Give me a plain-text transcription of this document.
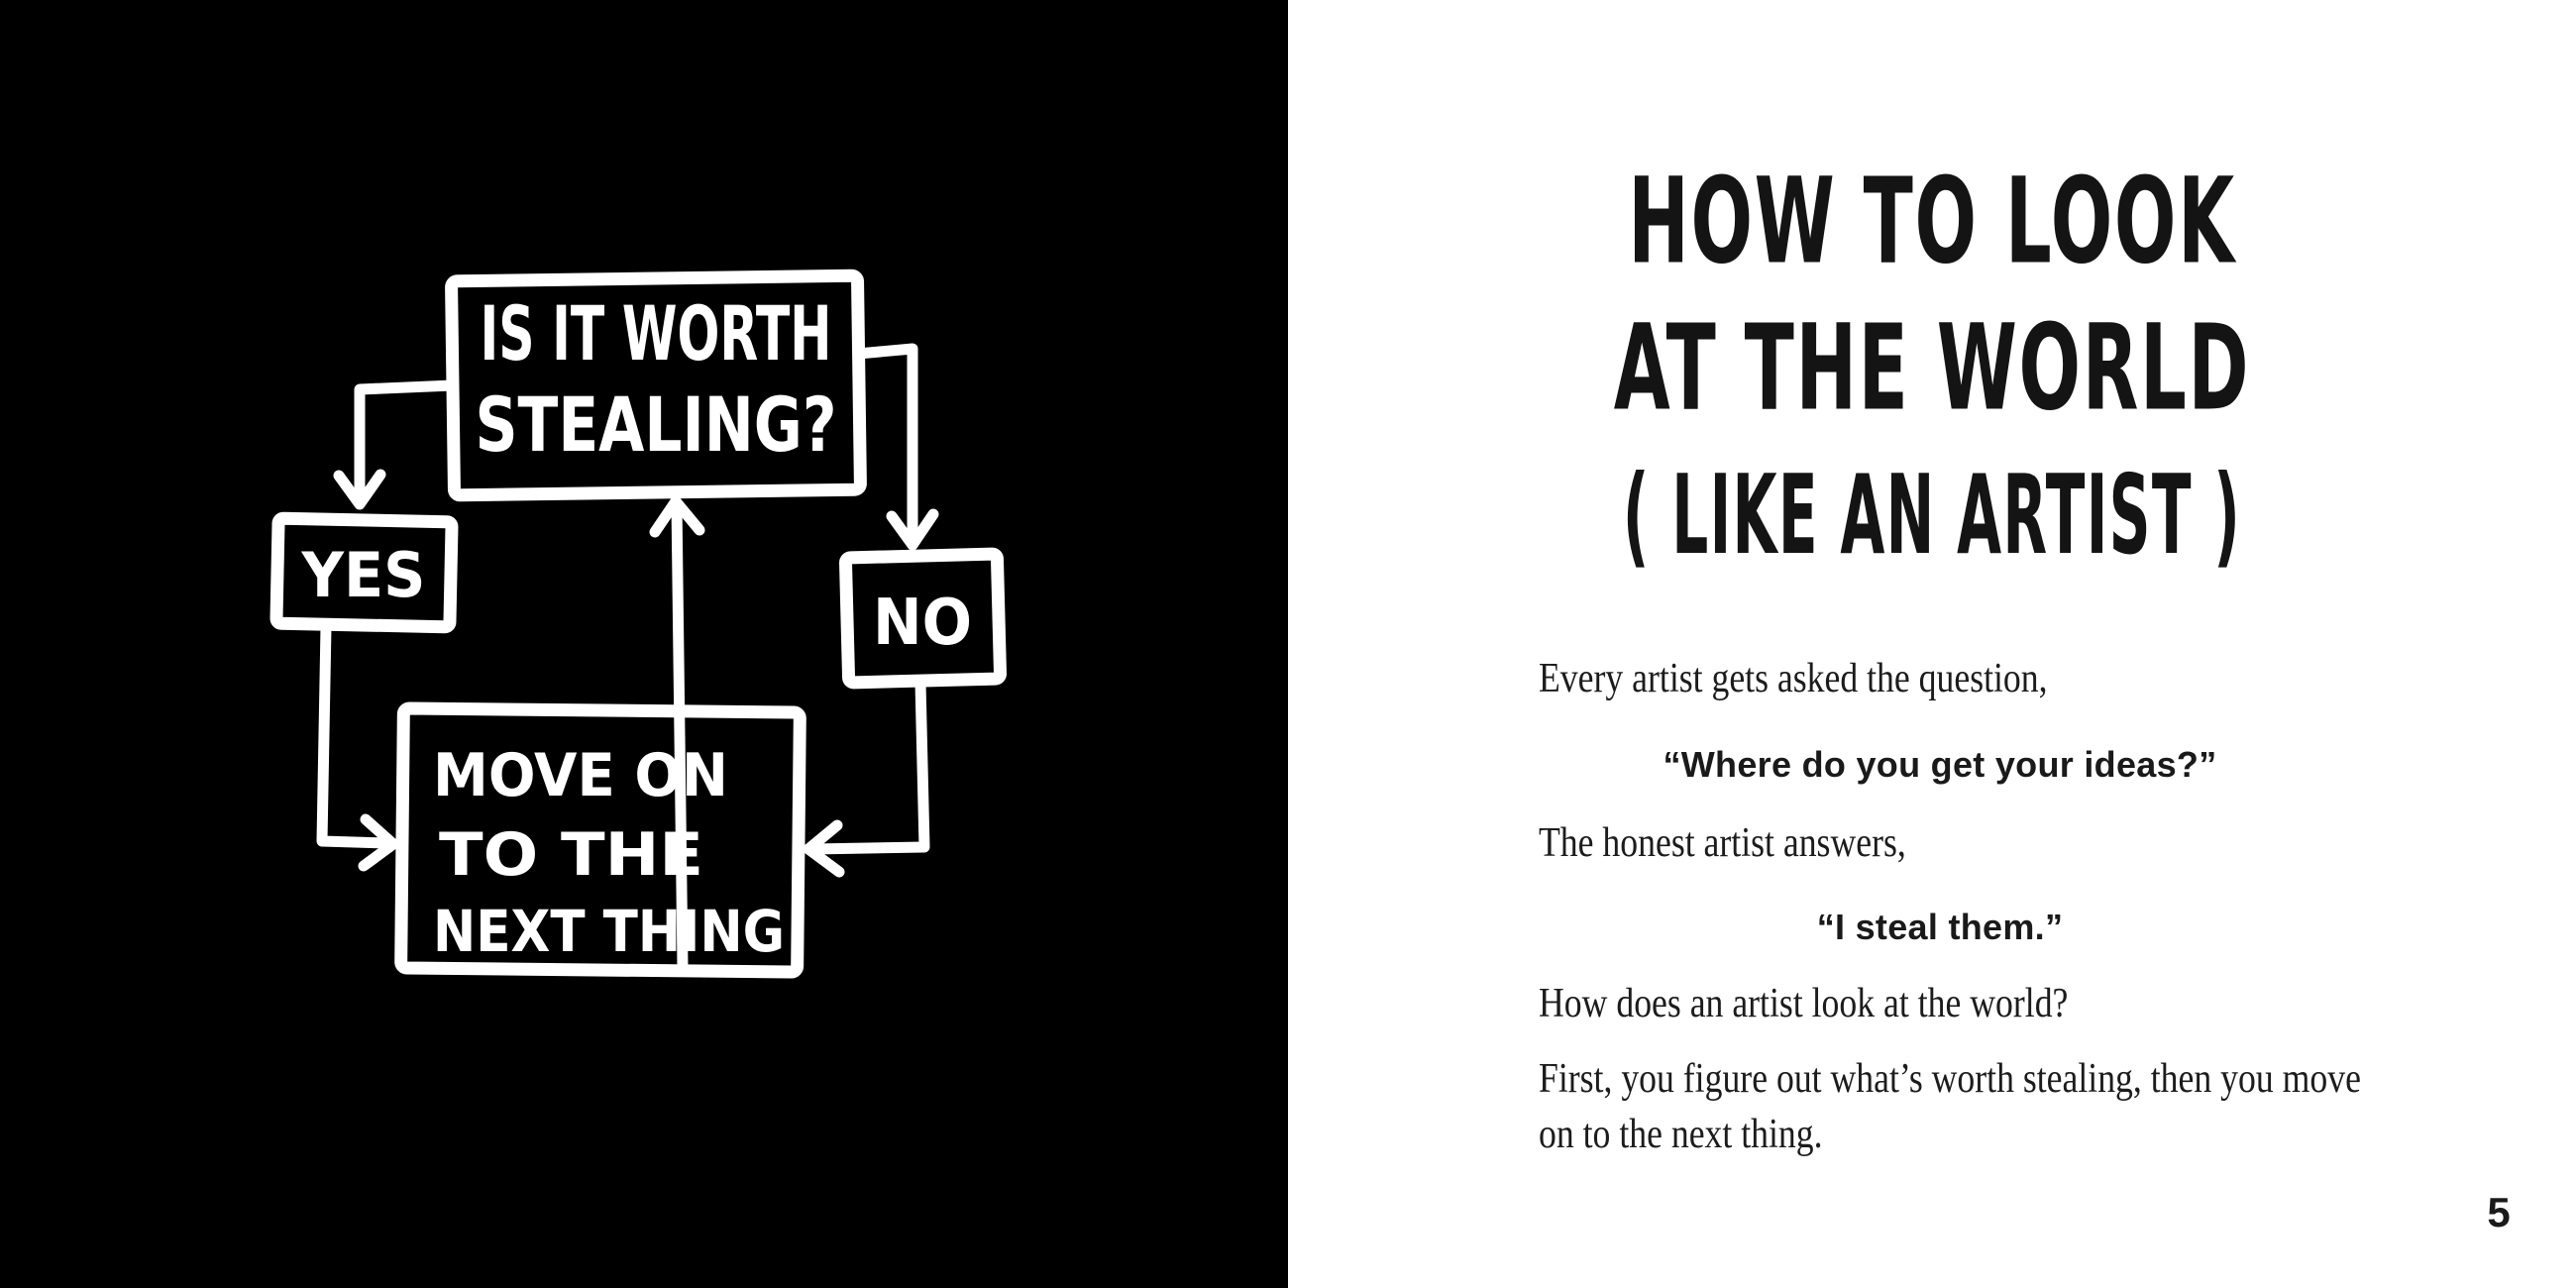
IS IT WORTH
STEALING?
YES
NO
MOVE ON
TO THE
NEXT THING
HOW TO LOOK
AT THE WORLD
( LIKE AN ARTIST )
Every artist gets asked the question,
“Where do you get your ideas?”
The honest artist answers,
“I steal them.”
How does an artist look at the world?
First, you figure out what’s worth stealing, then you move
on to the next thing.
5
